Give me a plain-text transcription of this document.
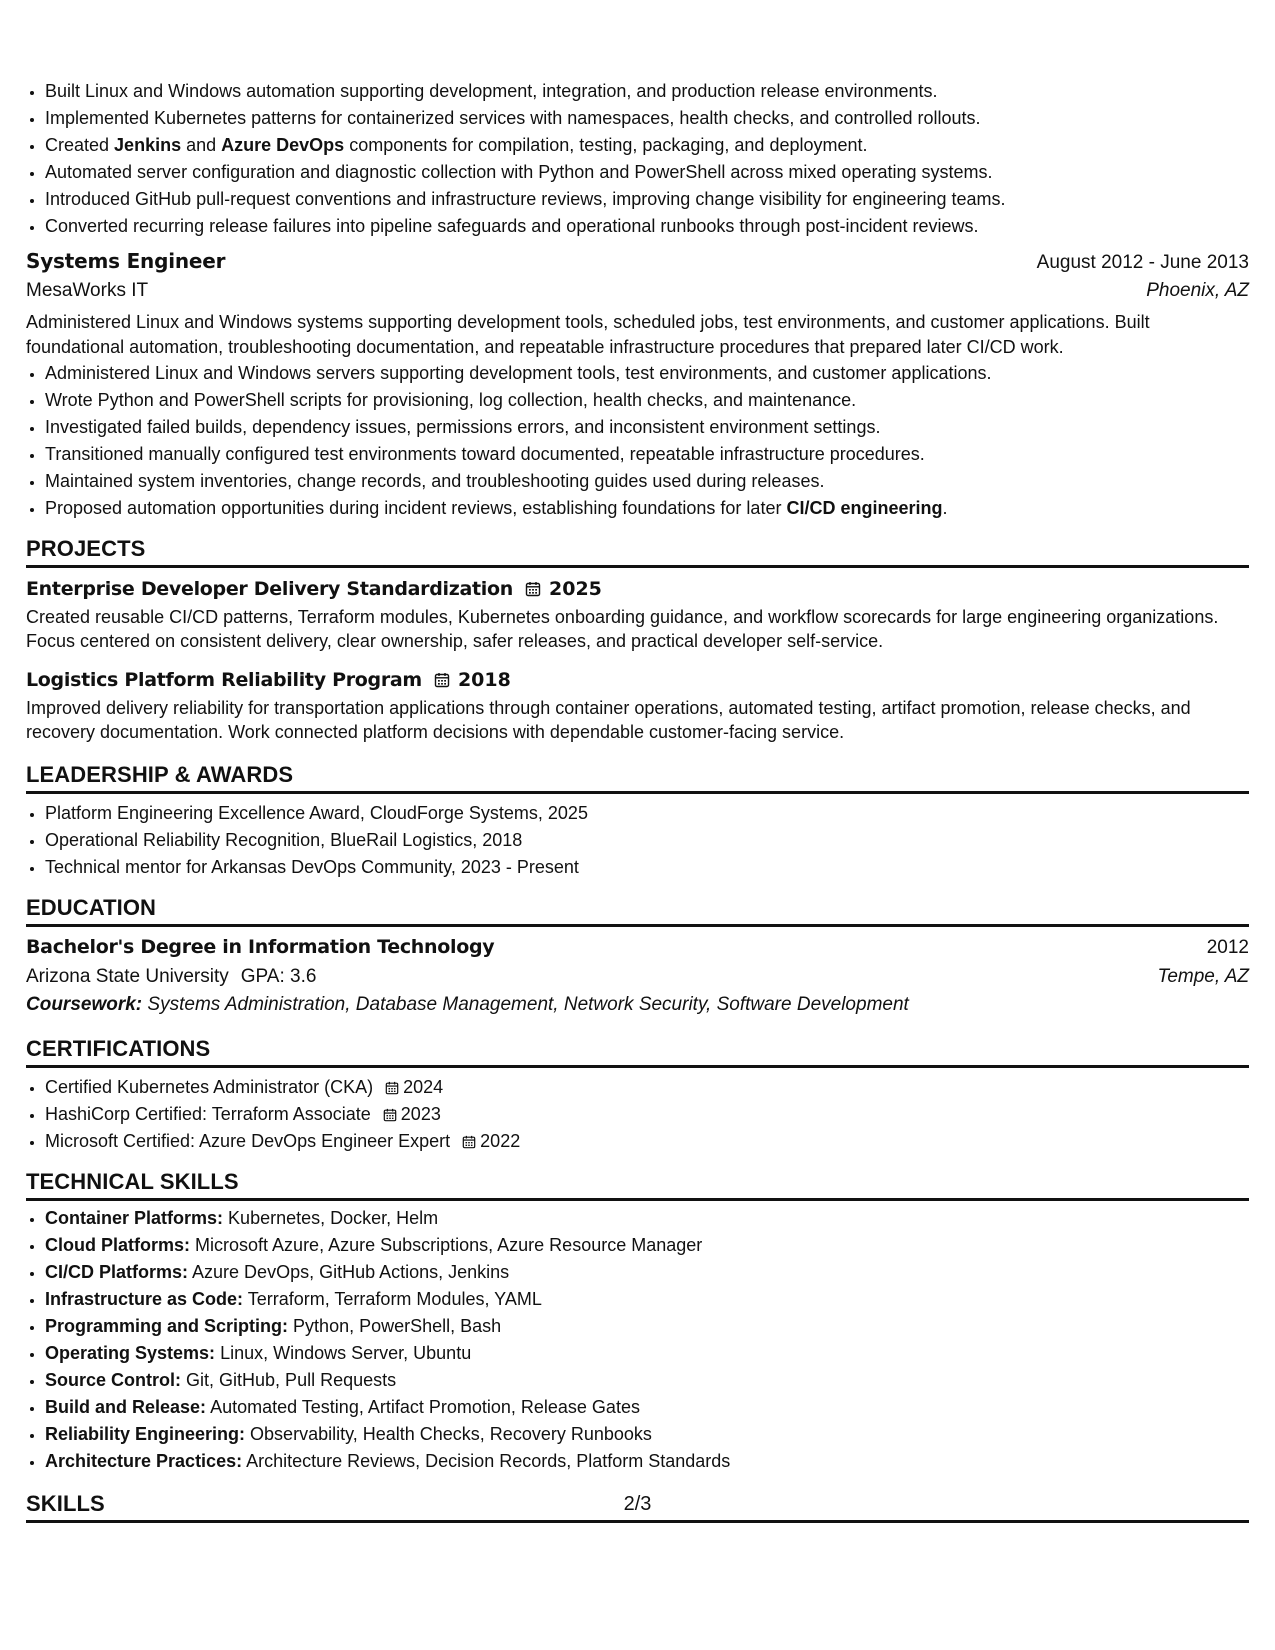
• Built Linux and Windows automation supporting development, integration, and production release environments.
• Implemented Kubernetes patterns for containerized services with namespaces, health checks, and controlled rollouts.
• Created Jenkins and Azure DevOps components for compilation, testing, packaging, and deployment.
• Automated server configuration and diagnostic collection with Python and PowerShell across mixed operating systems.
• Introduced GitHub pull-request conventions and infrastructure reviews, improving change visibility for engineering teams.
• Converted recurring release failures into pipeline safeguards and operational runbooks through post-incident reviews.
Systems Engineer	August 2012 - June 2013
MesaWorks IT	Phoenix, AZ
Administered Linux and Windows systems supporting development tools, scheduled jobs, test environments, and customer applications. Built foundational automation, troubleshooting documentation, and repeatable infrastructure procedures that prepared later CI/CD work.
• Administered Linux and Windows servers supporting development tools, test environments, and customer applications.
• Wrote Python and PowerShell scripts for provisioning, log collection, health checks, and maintenance.
• Investigated failed builds, dependency issues, permissions errors, and inconsistent environment settings.
• Transitioned manually configured test environments toward documented, repeatable infrastructure procedures.
• Maintained system inventories, change records, and troubleshooting guides used during releases.
• Proposed automation opportunities during incident reviews, establishing foundations for later CI/CD engineering.
PROJECTS
Enterprise Developer Delivery Standardization 2025
Created reusable CI/CD patterns, Terraform modules, Kubernetes onboarding guidance, and workflow scorecards for large engineering organizations. Focus centered on consistent delivery, clear ownership, safer releases, and practical developer self-service.
Logistics Platform Reliability Program 2018
Improved delivery reliability for transportation applications through container operations, automated testing, artifact promotion, release checks, and recovery documentation. Work connected platform decisions with dependable customer-facing service.
LEADERSHIP & AWARDS
• Platform Engineering Excellence Award, CloudForge Systems, 2025
• Operational Reliability Recognition, BlueRail Logistics, 2018
• Technical mentor for Arkansas DevOps Community, 2023 - Present
EDUCATION
Bachelor's Degree in Information Technology	2012
Arizona State University GPA: 3.6	Tempe, AZ
Coursework: Systems Administration, Database Management, Network Security, Software Development
CERTIFICATIONS
• Certified Kubernetes Administrator (CKA) 2024
• HashiCorp Certified: Terraform Associate 2023
• Microsoft Certified: Azure DevOps Engineer Expert 2022
TECHNICAL SKILLS
• Container Platforms: Kubernetes, Docker, Helm
• Cloud Platforms: Microsoft Azure, Azure Subscriptions, Azure Resource Manager
• CI/CD Platforms: Azure DevOps, GitHub Actions, Jenkins
• Infrastructure as Code: Terraform, Terraform Modules, YAML
• Programming and Scripting: Python, PowerShell, Bash
• Operating Systems: Linux, Windows Server, Ubuntu
• Source Control: Git, GitHub, Pull Requests
• Build and Release: Automated Testing, Artifact Promotion, Release Gates
• Reliability Engineering: Observability, Health Checks, Recovery Runbooks
• Architecture Practices: Architecture Reviews, Decision Records, Platform Standards
SKILLS	2/3
